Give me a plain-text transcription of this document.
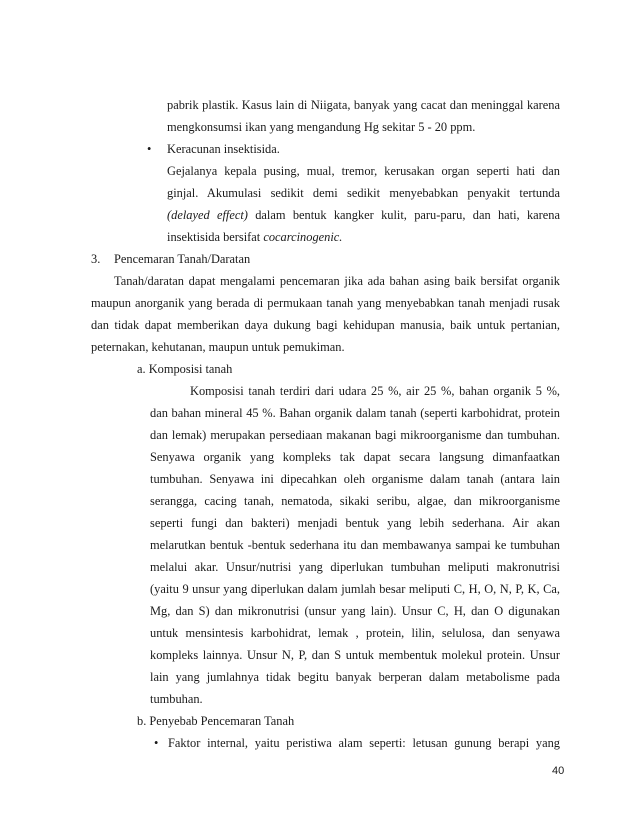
pabrik plastik. Kasus lain di Niigata, banyak yang cacat dan meninggal karena
mengkonsumsi ikan yang mengandung Hg sekitar 5 - 20 ppm.
• Keracunan insektisida.
Gejalanya kepala pusing, mual, tremor, kerusakan organ seperti hati dan
ginjal. Akumulasi sedikit demi sedikit menyebabkan penyakit tertunda
(delayed effect) dalam bentuk kangker kulit, paru-paru, dan hati, karena
insektisida bersifat cocarcinogenic.
3. Pencemaran Tanah/Daratan
Tanah/daratan dapat mengalami pencemaran jika ada bahan asing baik bersifat organik
maupun anorganik yang berada di permukaan tanah yang menyebabkan tanah menjadi rusak
dan tidak dapat memberikan daya dukung bagi kehidupan manusia, baik untuk pertanian,
peternakan, kehutanan, maupun untuk pemukiman.
a. Komposisi tanah
Komposisi tanah terdiri dari udara 25 %, air 25 %, bahan organik 5 %,
dan bahan mineral 45 %. Bahan organik dalam tanah (seperti karbohidrat, protein
dan lemak) merupakan persediaan makanan bagi mikroorganisme dan tumbuhan.
Senyawa organik yang kompleks tak dapat secara langsung dimanfaatkan
tumbuhan. Senyawa ini dipecahkan oleh organisme dalam tanah (antara lain
serangga, cacing tanah, nematoda, sikaki seribu, algae, dan mikroorganisme
seperti fungi dan bakteri) menjadi bentuk yang lebih sederhana. Air akan
melarutkan bentuk -bentuk sederhana itu dan membawanya sampai ke tumbuhan
melalui akar. Unsur/nutrisi yang diperlukan tumbuhan meliputi makronutrisi
(yaitu 9 unsur yang diperlukan dalam jumlah besar meliputi C, H, O, N, P, K, Ca,
Mg, dan S) dan mikronutrisi (unsur yang lain). Unsur C, H, dan O digunakan
untuk mensintesis karbohidrat, lemak , protein, lilin, selulosa, dan senyawa
kompleks lainnya. Unsur N, P, dan S untuk membentuk molekul protein. Unsur
lain yang jumlahnya tidak begitu banyak berperan dalam metabolisme pada
tumbuhan.
b. Penyebab Pencemaran Tanah
• Faktor internal, yaitu peristiwa alam seperti: letusan gunung berapi yang
40
